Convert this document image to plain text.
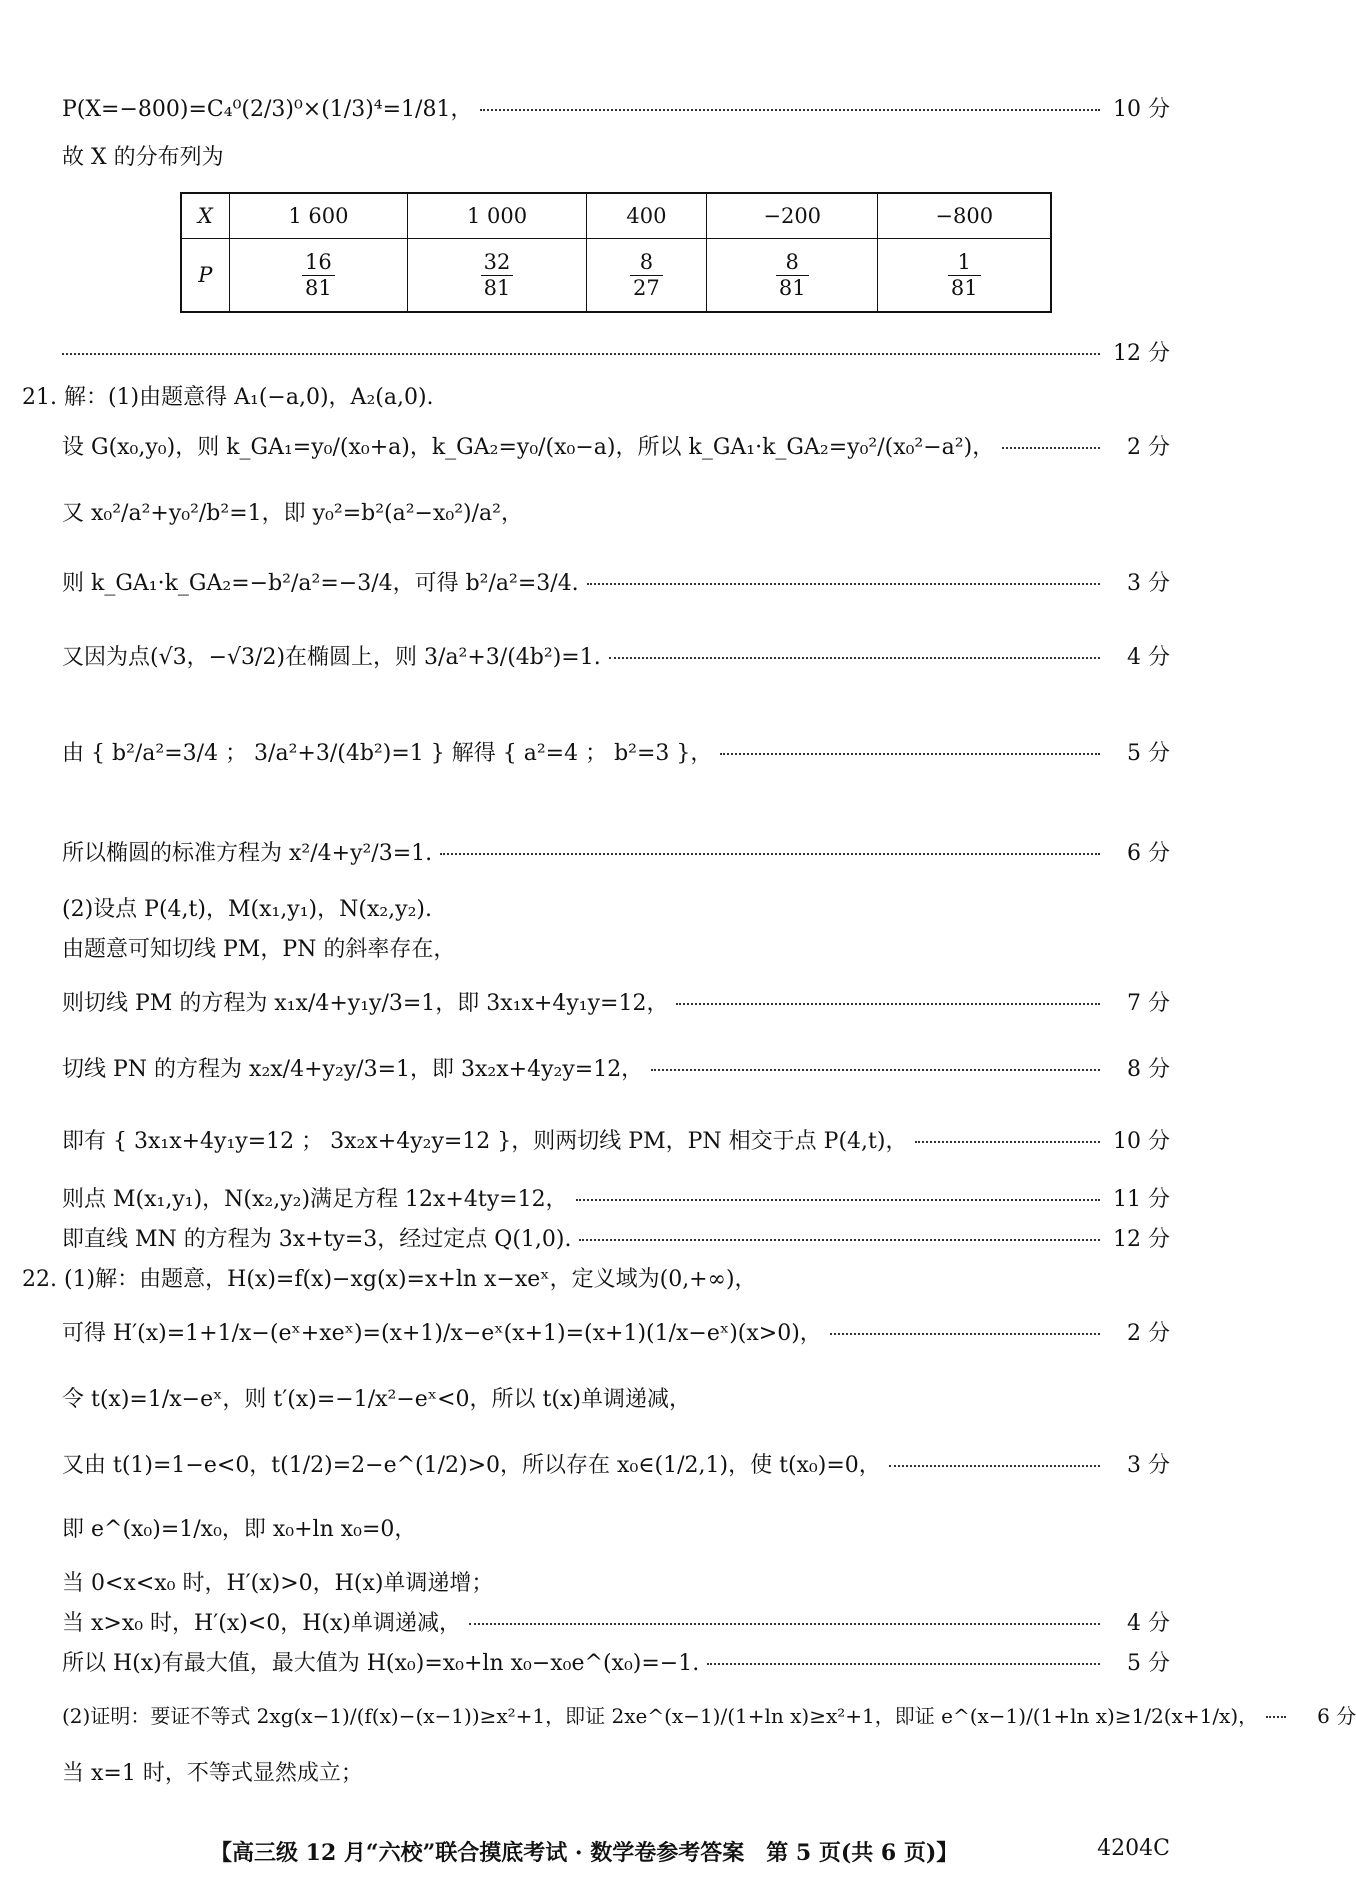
P(X=−800)=C₄⁰(2/3)⁰×(1/3)⁴=1/81，	10 分
故 X 的分布列为
X	1 600	1 000	400	−200	−800
P	$\frac{16}{81}$	$\frac{32}{81}$	$\frac{8}{27}$	$\frac{8}{81}$	$\frac{1}{81}$
12 分
21. 解：(1)由题意得 A₁(−a,0)，A₂(a,0).
设 G(x₀,y₀)，则 k_GA₁=y₀/(x₀+a)，k_GA₂=y₀/(x₀−a)，所以 k_GA₁·k_GA₂=y₀²/(x₀²−a²)，	2 分
又 x₀²/a²+y₀²/b²=1，即 y₀²=b²(a²−x₀²)/a²，
则 k_GA₁·k_GA₂=−b²/a²=−3/4，可得 b²/a²=3/4.	3 分
又因为点(√3，−√3/2)在椭圆上，则 3/a²+3/(4b²)=1.	4 分
由 { b²/a²=3/4 ； 3/a²+3/(4b²)=1 } 解得 { a²=4 ； b²=3 }，	5 分
所以椭圆的标准方程为 x²/4+y²/3=1.	6 分
(2)设点 P(4,t)，M(x₁,y₁)，N(x₂,y₂).
由题意可知切线 PM，PN 的斜率存在，
则切线 PM 的方程为 x₁x/4+y₁y/3=1，即 3x₁x+4y₁y=12，	7 分
切线 PN 的方程为 x₂x/4+y₂y/3=1，即 3x₂x+4y₂y=12，	8 分
即有 { 3x₁x+4y₁y=12 ； 3x₂x+4y₂y=12 }，则两切线 PM，PN 相交于点 P(4,t)，	10 分
则点 M(x₁,y₁)，N(x₂,y₂)满足方程 12x+4ty=12，	11 分
即直线 MN 的方程为 3x+ty=3，经过定点 Q(1,0).	12 分
22. (1)解：由题意，H(x)=f(x)−xg(x)=x+ln x−xeˣ，定义域为(0,+∞)，
可得 H′(x)=1+1/x−(eˣ+xeˣ)=(x+1)/x−eˣ(x+1)=(x+1)(1/x−eˣ)(x>0)，	2 分
令 t(x)=1/x−eˣ，则 t′(x)=−1/x²−eˣ<0，所以 t(x)单调递减，
又由 t(1)=1−e<0，t(1/2)=2−e^(1/2)>0，所以存在 x₀∈(1/2,1)，使 t(x₀)=0，	3 分
即 e^(x₀)=1/x₀，即 x₀+ln x₀=0，
当 0<x<x₀ 时，H′(x)>0，H(x)单调递增；
当 x>x₀ 时，H′(x)<0，H(x)单调递减，	4 分
所以 H(x)有最大值，最大值为 H(x₀)=x₀+ln x₀−x₀e^(x₀)=−1.	5 分
(2)证明：要证不等式 2xg(x−1)/(f(x)−(x−1))≥x²+1，即证 2xe^(x−1)/(1+ln x)≥x²+1，即证 e^(x−1)/(1+ln x)≥1/2(x+1/x)，	6 分
当 x=1 时，不等式显然成立；
【高三级 12 月“六校”联合摸底考试 · 数学卷参考答案　第 5 页(共 6 页)】	4204C
